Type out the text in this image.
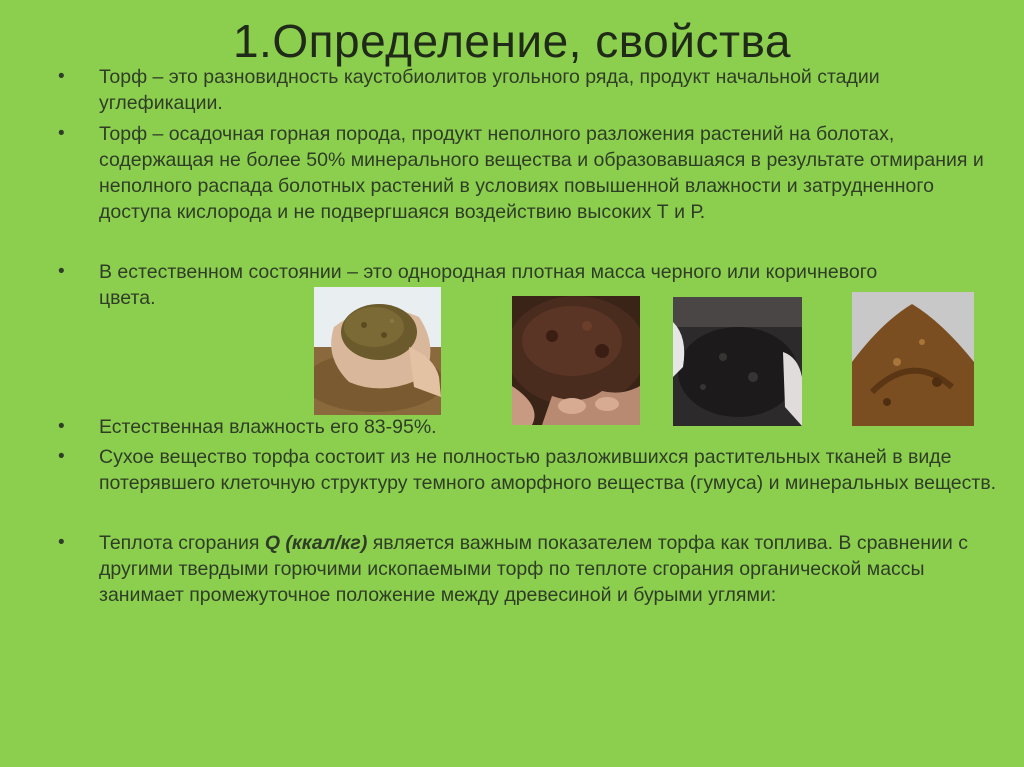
1.Определение, свойства
•	Торф – это разновидность каустобиолитов угольного ряда, продукт начальной стадии углефикации.
•	Торф – осадочная горная порода, продукт неполного разложения растений на болотах, содержащая не более 50% минерального вещества и образовавшаяся в результате отмирания и неполного распада болотных растений в условиях повышенной влажности и затрудненного доступа кислорода и не подвергшаяся воздействию высоких Т и Р.
•	В естественном состоянии – это однородная плотная масса черного или коричневого цвета.
•	Естественная влажность его 83-95%.
•	Сухое вещество торфа состоит из не полностью разложившихся растительных тканей в виде потерявшего клеточную структуру темного аморфного вещества (гумуса) и минеральных веществ.
•	Теплота сгорания Q (ккал/кг) является важным показателем торфа как топлива. В сравнении с другими твердыми горючими ископаемыми торф по теплоте сгорания органической массы занимает промежуточное положение между древесиной и бурыми углями:
